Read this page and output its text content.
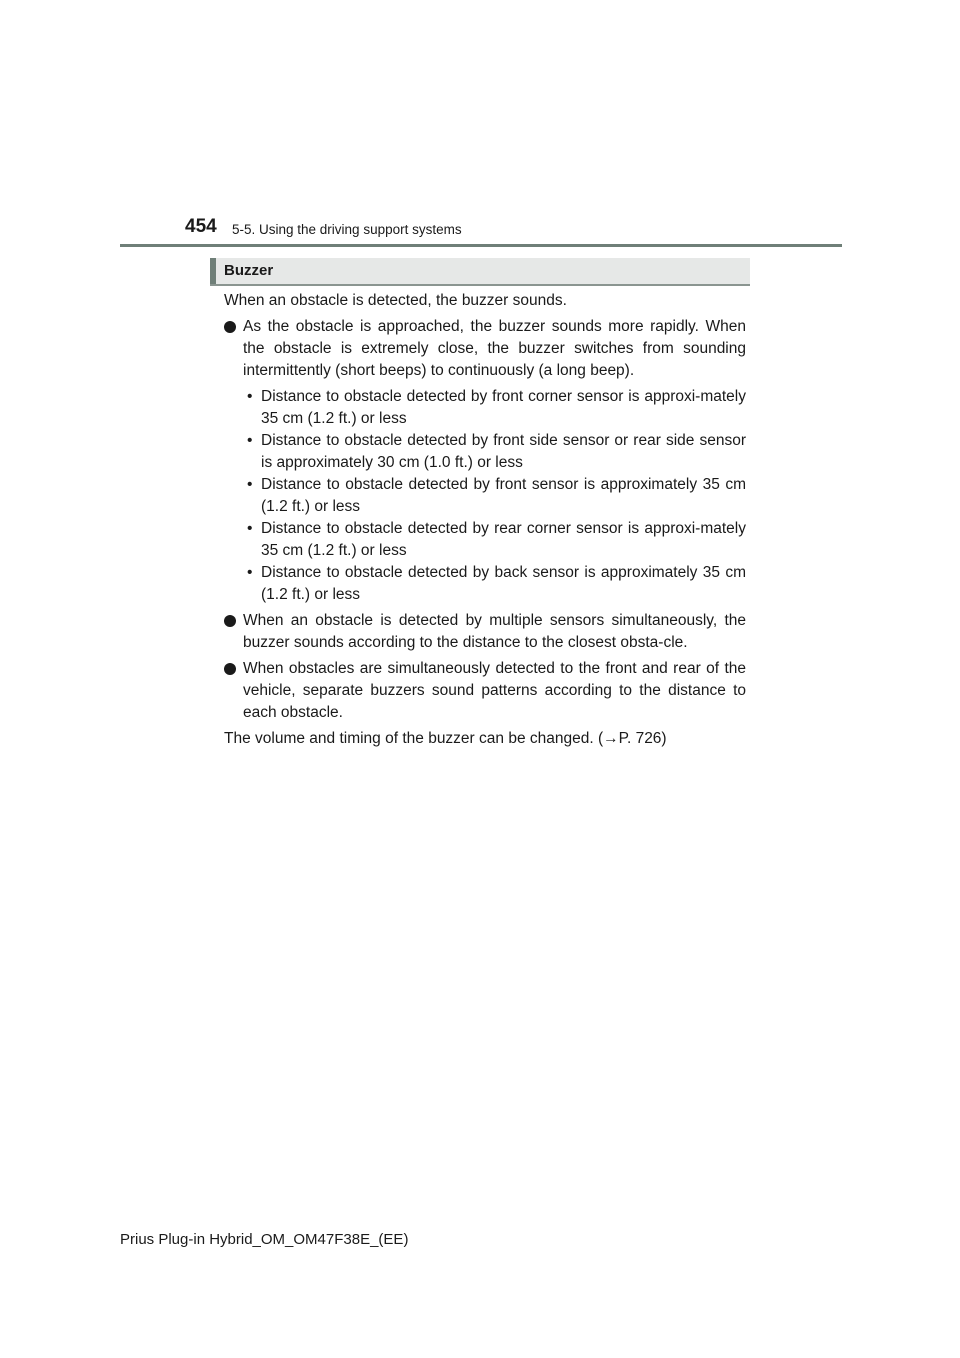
454 5-5. Using the driving support systems
Buzzer

When an obstacle is detected, the buzzer sounds.

As the obstacle is approached, the buzzer sounds more rapidly. When the obstacle is extremely close, the buzzer switches from sounding intermittently (short beeps) to continuously (a long beep).
• Distance to obstacle detected by front corner sensor is approxi-mately 35 cm (1.2 ft.) or less
• Distance to obstacle detected by front side sensor or rear side sensor is approximately 30 cm (1.0 ft.) or less
• Distance to obstacle detected by front sensor is approximately 35 cm (1.2 ft.) or less
• Distance to obstacle detected by rear corner sensor is approxi-mately 35 cm (1.2 ft.) or less
• Distance to obstacle detected by back sensor is approximately 35 cm (1.2 ft.) or less
When an obstacle is detected by multiple sensors simultaneously, the buzzer sounds according to the distance to the closest obsta-cle.
When obstacles are simultaneously detected to the front and rear of the vehicle, separate buzzers sound patterns according to the distance to each obstacle.

The volume and timing of the buzzer can be changed. (→P. 726)

Prius Plug-in Hybrid_OM_OM47F38E_(EE)
